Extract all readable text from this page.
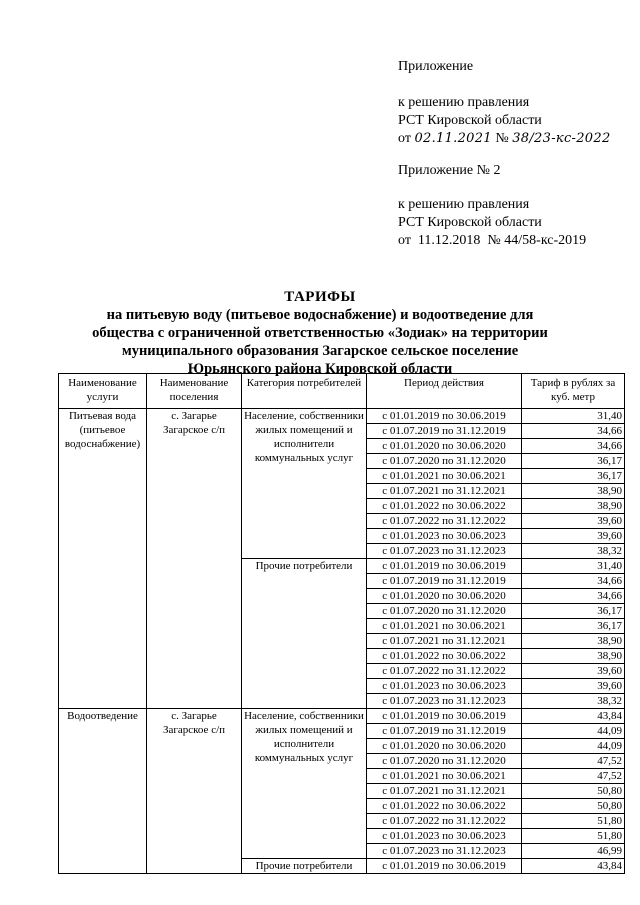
Приложение
к решению правления
РСТ Кировской области
от 02.11.2021 № 38/23-кс-2022
Приложение № 2
к решению правления
РСТ Кировской области
от  11.12.2018  № 44/58-кс-2019
ТАРИФЫ
на питьевую воду (питьевое водоснабжение) и водоотведение для
общества с ограниченной ответственностью «Зодиак» на территории
муниципального образования Загарское сельское поселение
Юрьянского района Кировской области
Наименование услуги	Наименование поселения	Категория потребителей	Период действия	Тариф в рублях за куб. метр
Питьевая вода (питьевое водоснабжение)	с. Загарье Загарское с/п	Население, собственники жилых помещений и исполнители коммунальных услуг	с 01.01.2019 по 30.06.2019	31,40
			с 01.07.2019 по 31.12.2019	34,66
			с 01.01.2020 по 30.06.2020	34,66
			с 01.07.2020 по 31.12.2020	36,17
			с 01.01.2021 по 30.06.2021	36,17
			с 01.07.2021 по 31.12.2021	38,90
			с 01.01.2022 по 30.06.2022	38,90
			с 01.07.2022 по 31.12.2022	39,60
			с 01.01.2023 по 30.06.2023	39,60
			с 01.07.2023 по 31.12.2023	38,32
		Прочие потребители	с 01.01.2019 по 30.06.2019	31,40
			с 01.07.2019 по 31.12.2019	34,66
			с 01.01.2020 по 30.06.2020	34,66
			с 01.07.2020 по 31.12.2020	36,17
			с 01.01.2021 по 30.06.2021	36,17
			с 01.07.2021 по 31.12.2021	38,90
			с 01.01.2022 по 30.06.2022	38,90
			с 01.07.2022 по 31.12.2022	39,60
			с 01.01.2023 по 30.06.2023	39,60
			с 01.07.2023 по 31.12.2023	38,32
Водоотведение	с. Загарье Загарское с/п	Население, собственники жилых помещений и исполнители коммунальных услуг	с 01.01.2019 по 30.06.2019	43,84
			с 01.07.2019 по 31.12.2019	44,09
			с 01.01.2020 по 30.06.2020	44,09
			с 01.07.2020 по 31.12.2020	47,52
			с 01.01.2021 по 30.06.2021	47,52
			с 01.07.2021 по 31.12.2021	50,80
			с 01.01.2022 по 30.06.2022	50,80
			с 01.07.2022 по 31.12.2022	51,80
			с 01.01.2023 по 30.06.2023	51,80
			с 01.07.2023 по 31.12.2023	46,99
		Прочие потребители	с 01.01.2019 по 30.06.2019	43,84
